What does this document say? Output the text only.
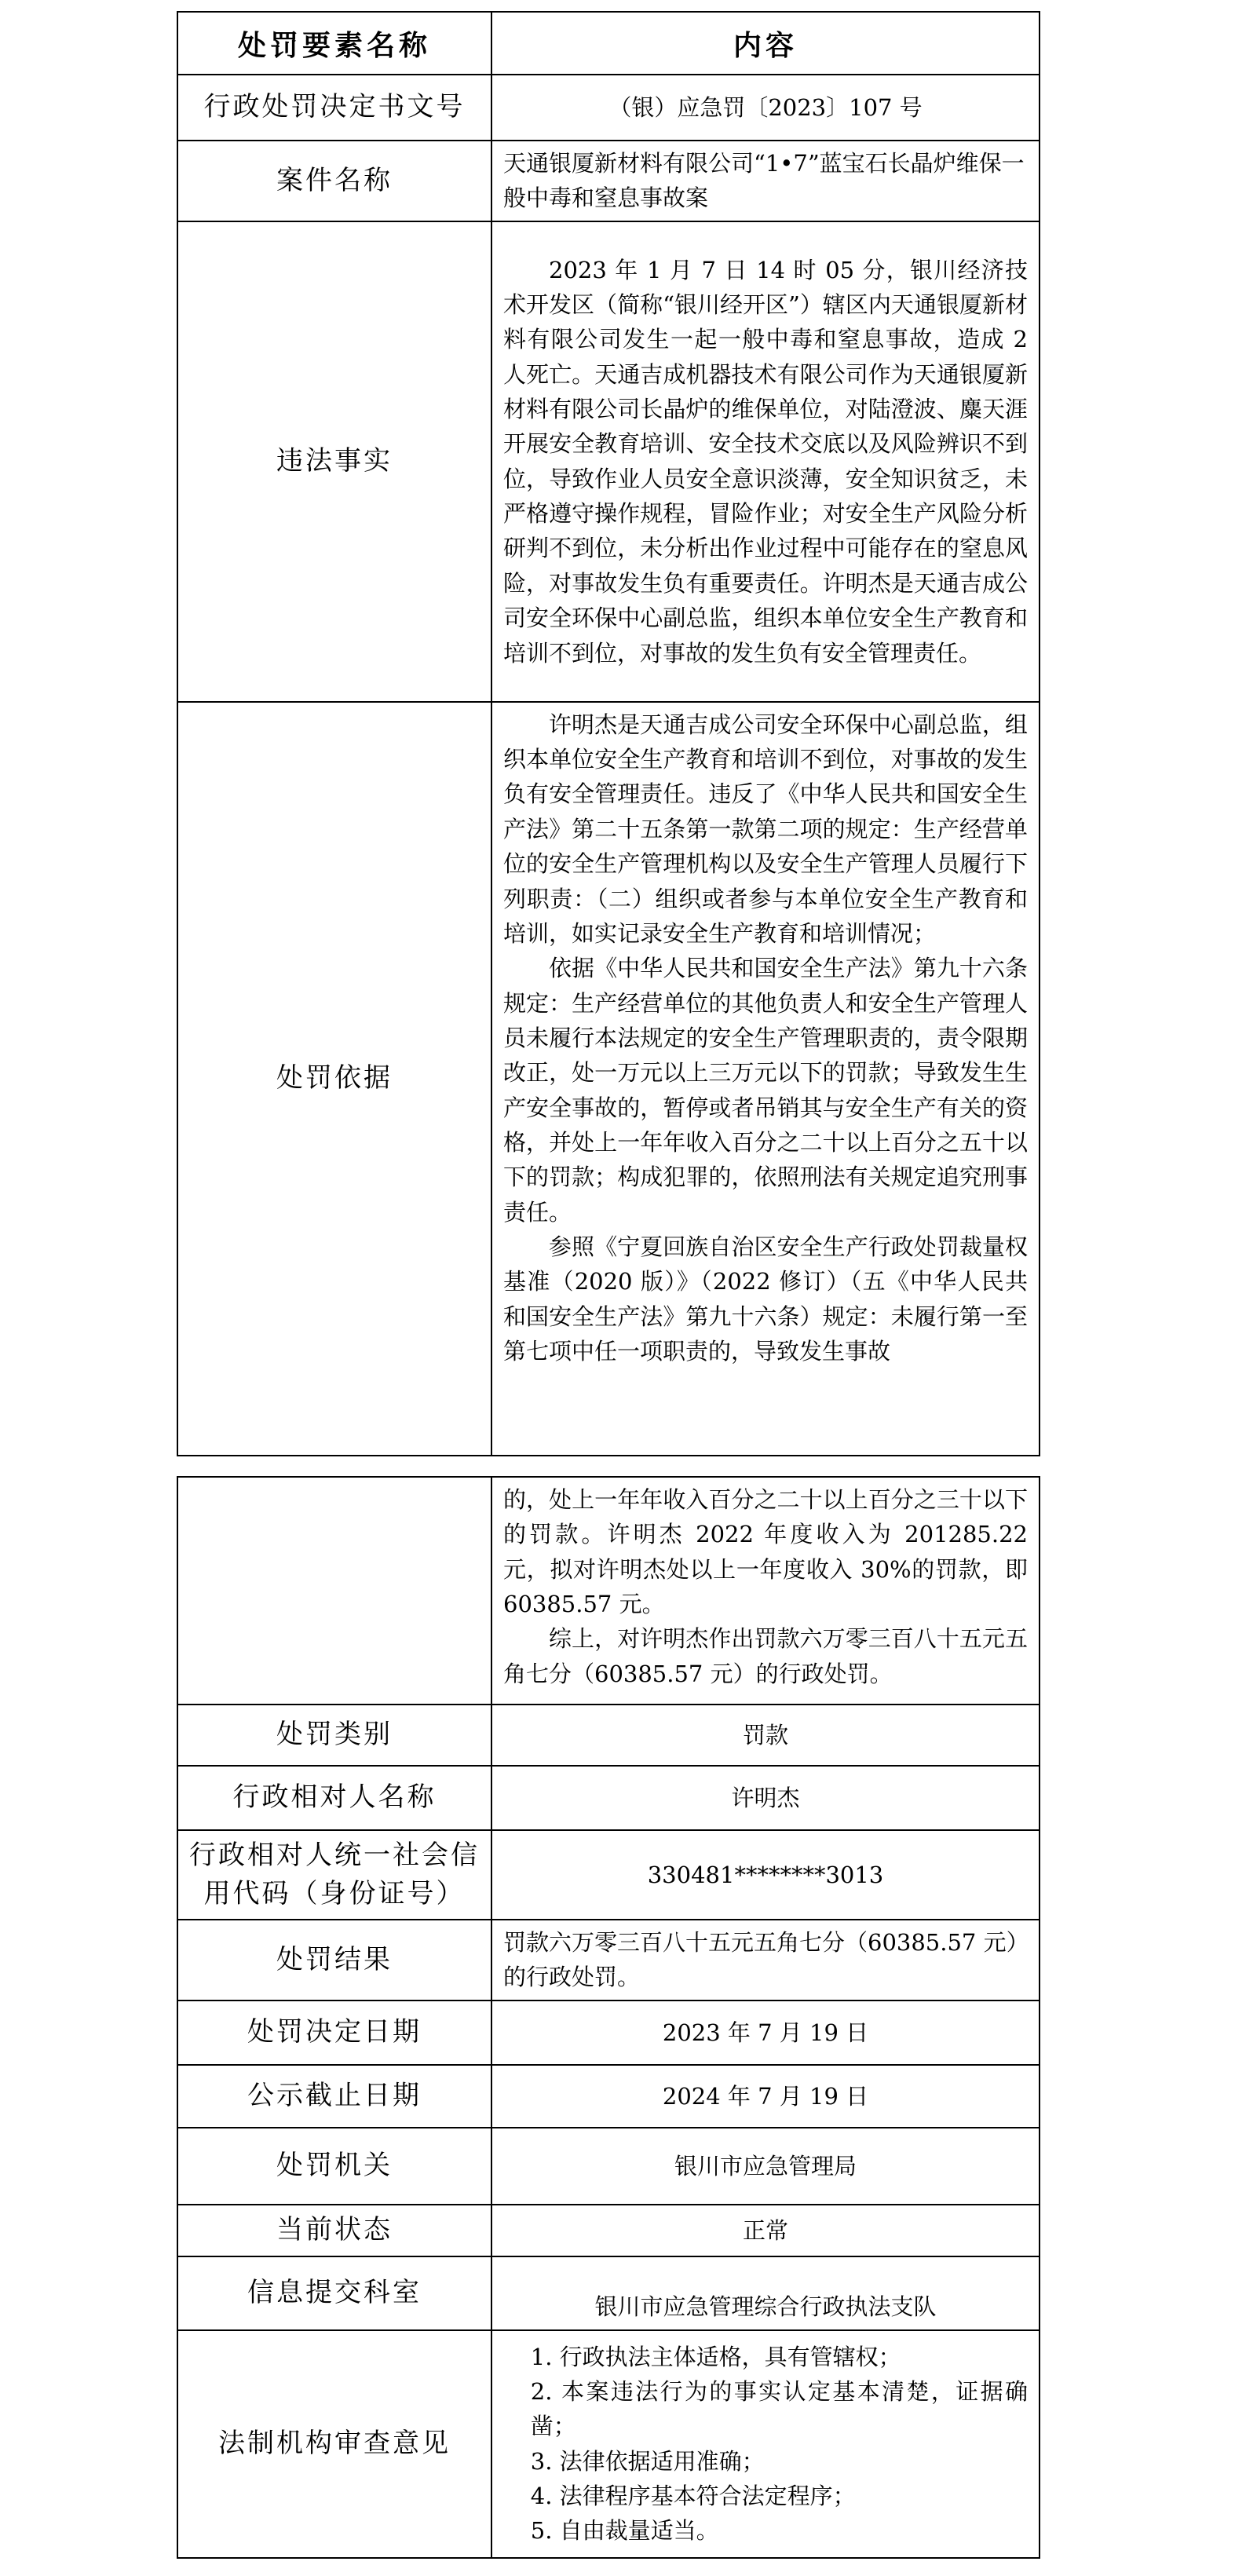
处罚要素名称	内容
行政处罚决定书文号	（银）应急罚〔2023〕107 号
案件名称	天通银厦新材料有限公司“1•7”蓝宝石长晶炉维保一般中毒和窒息事故案
违法事实	2023 年 1 月 7 日 14 时 05 分，银川经济技术开发区（简称“银川经开区”）辖区内天通银厦新材料有限公司发生一起一般中毒和窒息事故，造成 2 人死亡。天通吉成机器技术有限公司作为天通银厦新材料有限公司长晶炉的维保单位，对陆澄波、麋天涯开展安全教育培训、安全技术交底以及风险辨识不到位，导致作业人员安全意识淡薄，安全知识贫乏，未严格遵守操作规程，冒险作业；对安全生产风险分析研判不到位，未分析出作业过程中可能存在的窒息风险，对事故发生负有重要责任。许明杰是天通吉成公司安全环保中心副总监，组织本单位安全生产教育和培训不到位，对事故的发生负有安全管理责任。

处罚依据	许明杰是天通吉成公司安全环保中心副总监，组织本单位安全生产教育和培训不到位，对事故的发生负有安全管理责任。违反了《中华人民共和国安全生产法》第二十五条第一款第二项的规定：生产经营单位的安全生产管理机构以及安全生产管理人员履行下列职责：（二）组织或者参与本单位安全生产教育和培训，如实记录安全生产教育和培训情况；

依据《中华人民共和国安全生产法》第九十六条规定：生产经营单位的其他负责人和安全生产管理人员未履行本法规定的安全生产管理职责的，责令限期改正，处一万元以上三万元以下的罚款；导致发生生产安全事故的，暂停或者吊销其与安全生产有关的资格，并处上一年年收入百分之二十以上百分之五十以下的罚款；构成犯罪的，依照刑法有关规定追究刑事责任。

参照《宁夏回族自治区安全生产行政处罚裁量权基准（2020 版）》（2022 修订）（五《中华人民共和国安全生产法》第九十六条）规定：未履行第一至第七项中任一项职责的，导致发生事故

	的，处上一年年收入百分之二十以上百分之三十以下的罚款。许明杰 2022 年度收入为 201285.22 元，拟对许明杰处以上一年度收入 30%的罚款，即 60385.57 元。

综上，对许明杰作出罚款六万零三百八十五元五角七分（60385.57 元）的行政处罚。

处罚类别	罚款
行政相对人名称	许明杰
行政相对人统一社会信用代码（身份证号）	330481********3013
处罚结果	罚款六万零三百八十五元五角七分（60385.57 元）的行政处罚。
处罚决定日期	2023 年 7 月 19 日
公示截止日期	2024 年 7 月 19 日
处罚机关	银川市应急管理局
当前状态	正常
信息提交科室	银川市应急管理综合行政执法支队
法制机构审查意见	1. 行政执法主体适格，具有管辖权；

2. 本案违法行为的事实认定基本清楚，证据确凿；

3. 法律依据适用准确；

4. 法律程序基本符合法定程序；

5. 自由裁量适当。
